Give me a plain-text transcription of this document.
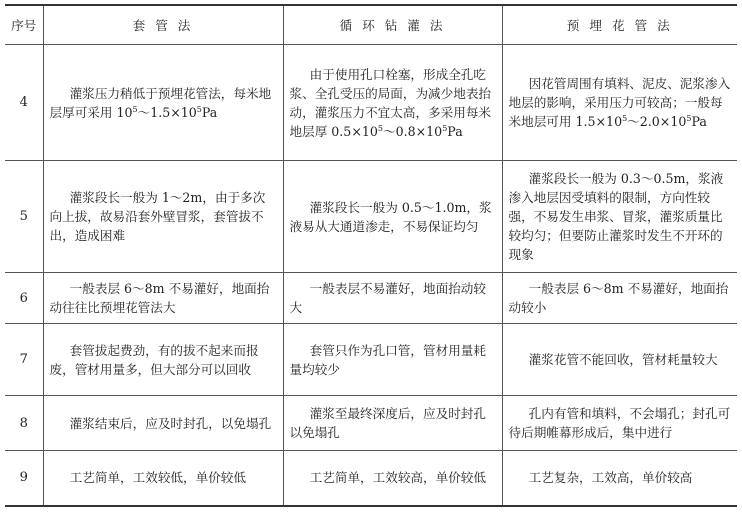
序号	套 管 法	循 环 钻 灌 法	预 埋 花 管 法
4	灌浆压力稍低于预埋花管法，每米地层厚可采用 $10^5\sim 1.5\times 10^5Pa$	由于使用孔口栓塞，形成全孔吃浆、全孔受压的局面，为减少地表抬动，灌浆压力不宜太高，多采用每米地层厚 $0.5\times 10^5\sim 0.8\times 10^5Pa$	因花管周围有填料、泥皮、泥浆渗入地层的影响，采用压力可较高；一般每米地层可用 $1.5\times 10^5\sim 2.0\times 10^5Pa$
5	灌浆段长一般为 1～2m，由于多次向上拔，故易沿套外壁冒浆，套管拔不出，造成困难	灌浆段长一般为 0.5～1.0m，浆液易从大通道渗走，不易保证均匀	灌浆段长一般为 0.3～0.5m，浆液渗入地层因受填料的限制，方向性较强，不易发生串浆、冒浆，灌浆质量比较均匀；但要防止灌浆时发生不开环的现象
6	一般表层 6～8m 不易灌好，地面抬动往往比预埋花管法大	一般表层不易灌好，地面抬动较大	一般表层 6～8m 不易灌好，地面抬动较小
7	套管拔起费劲，有的拔不起来而报废，管材用量多，但大部分可以回收	套管只作为孔口管，管材用量耗量均较少	灌浆花管不能回收，管材耗量较大
8	灌浆结束后，应及时封孔，以免塌孔	灌浆至最终深度后，应及时封孔以免塌孔	孔内有管和填料，不会塌孔；封孔可待后期帷幕形成后，集中进行
9	工艺简单，工效较低，单价较低	工艺简单，工效较高，单价较低	工艺复杂，工效高，单价较高
